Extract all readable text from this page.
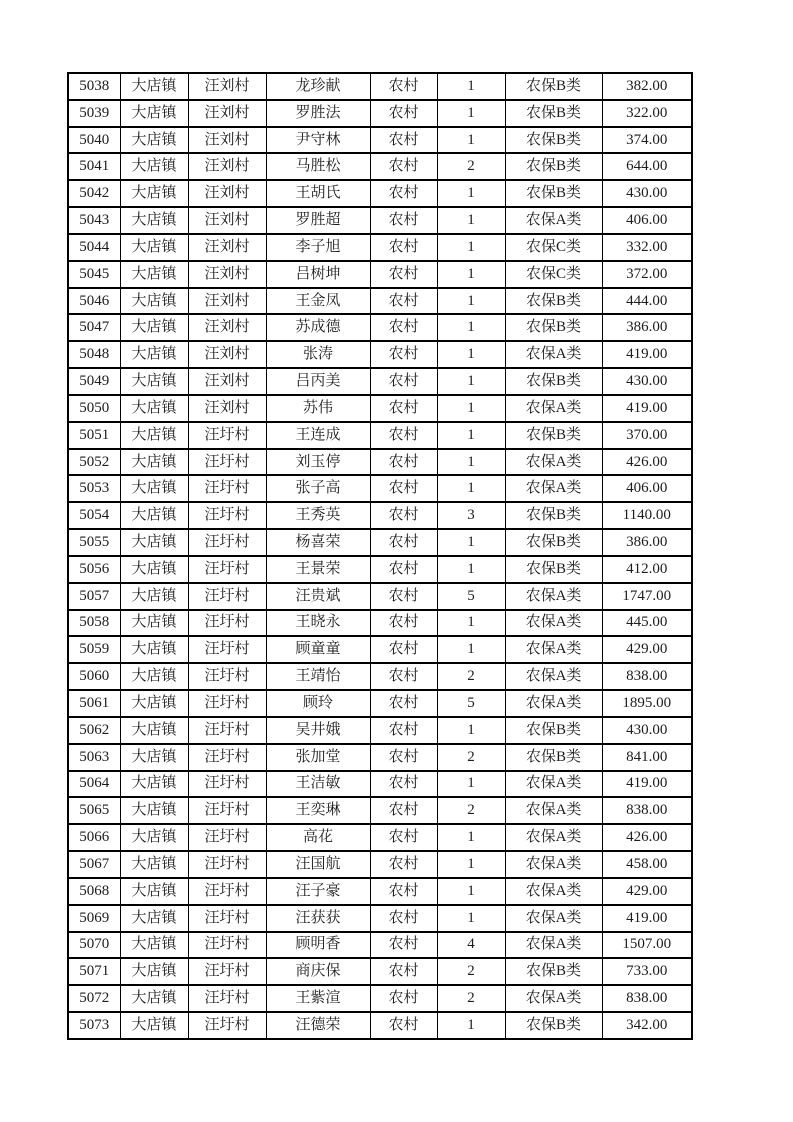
5038	大店镇	汪刘村	龙珍献	农村	1	农保B类	382.00
5039	大店镇	汪刘村	罗胜法	农村	1	农保B类	322.00
5040	大店镇	汪刘村	尹守林	农村	1	农保B类	374.00
5041	大店镇	汪刘村	马胜松	农村	2	农保B类	644.00
5042	大店镇	汪刘村	王胡氏	农村	1	农保B类	430.00
5043	大店镇	汪刘村	罗胜超	农村	1	农保A类	406.00
5044	大店镇	汪刘村	李子旭	农村	1	农保C类	332.00
5045	大店镇	汪刘村	吕树坤	农村	1	农保C类	372.00
5046	大店镇	汪刘村	王金凤	农村	1	农保B类	444.00
5047	大店镇	汪刘村	苏成德	农村	1	农保B类	386.00
5048	大店镇	汪刘村	张涛	农村	1	农保A类	419.00
5049	大店镇	汪刘村	吕丙美	农村	1	农保B类	430.00
5050	大店镇	汪刘村	苏伟	农村	1	农保A类	419.00
5051	大店镇	汪圩村	王连成	农村	1	农保B类	370.00
5052	大店镇	汪圩村	刘玉停	农村	1	农保A类	426.00
5053	大店镇	汪圩村	张子高	农村	1	农保A类	406.00
5054	大店镇	汪圩村	王秀英	农村	3	农保B类	1140.00
5055	大店镇	汪圩村	杨喜荣	农村	1	农保B类	386.00
5056	大店镇	汪圩村	王景荣	农村	1	农保B类	412.00
5057	大店镇	汪圩村	汪贵斌	农村	5	农保A类	1747.00
5058	大店镇	汪圩村	王晓永	农村	1	农保A类	445.00
5059	大店镇	汪圩村	顾童童	农村	1	农保A类	429.00
5060	大店镇	汪圩村	王靖怡	农村	2	农保A类	838.00
5061	大店镇	汪圩村	顾玲	农村	5	农保A类	1895.00
5062	大店镇	汪圩村	吴井娥	农村	1	农保B类	430.00
5063	大店镇	汪圩村	张加堂	农村	2	农保B类	841.00
5064	大店镇	汪圩村	王洁敏	农村	1	农保A类	419.00
5065	大店镇	汪圩村	王奕琳	农村	2	农保A类	838.00
5066	大店镇	汪圩村	高花	农村	1	农保A类	426.00
5067	大店镇	汪圩村	汪国航	农村	1	农保A类	458.00
5068	大店镇	汪圩村	汪子豪	农村	1	农保A类	429.00
5069	大店镇	汪圩村	汪获获	农村	1	农保A类	419.00
5070	大店镇	汪圩村	顾明香	农村	4	农保A类	1507.00
5071	大店镇	汪圩村	商庆保	农村	2	农保B类	733.00
5072	大店镇	汪圩村	王紫渲	农村	2	农保A类	838.00
5073	大店镇	汪圩村	汪德荣	农村	1	农保B类	342.00
